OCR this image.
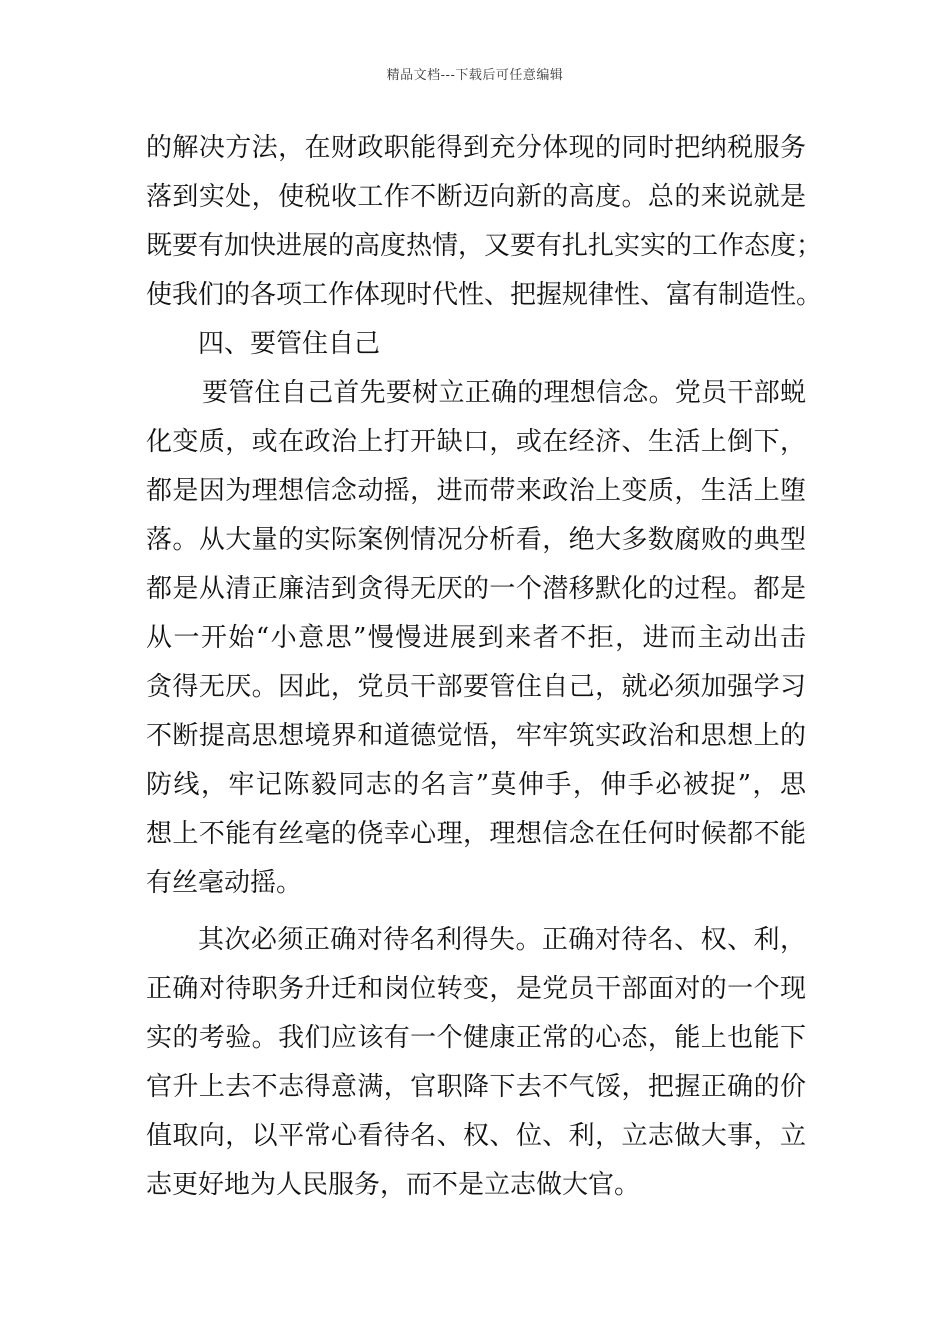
精品文档---下载后可任意编辑
的解决方法，在财政职能得到充分体现的同时把纳税服务
落到实处，使税收工作不断迈向新的高度。总的来说就是
既要有加快进展的高度热情，又要有扎扎实实的工作态度；
使我们的各项工作体现时代性、把握规律性、富有制造性。
四、要管住自己
要管住自己首先要树立正确的理想信念。党员干部蜕
化变质，或在政治上打开缺口，或在经济、生活上倒下，
都是因为理想信念动摇，进而带来政治上变质，生活上堕
落。从大量的实际案例情况分析看，绝大多数腐败的典型
都是从清正廉洁到贪得无厌的一个潜移默化的过程。都是
从一开始“小意思”慢慢进展到来者不拒，进而主动出击
贪得无厌。因此，党员干部要管住自己，就必须加强学习
不断提高思想境界和道德觉悟，牢牢筑实政治和思想上的
防线，牢记陈毅同志的名言”莫伸手，伸手必被捉”，思
想上不能有丝毫的侥幸心理，理想信念在任何时候都不能
有丝毫动摇。
其次必须正确对待名利得失。正确对待名、权、利，
正确对待职务升迁和岗位转变，是党员干部面对的一个现
实的考验。我们应该有一个健康正常的心态，能上也能下
官升上去不志得意满，官职降下去不气馁，把握正确的价
值取向，以平常心看待名、权、位、利，立志做大事，立
志更好地为人民服务，而不是立志做大官。
